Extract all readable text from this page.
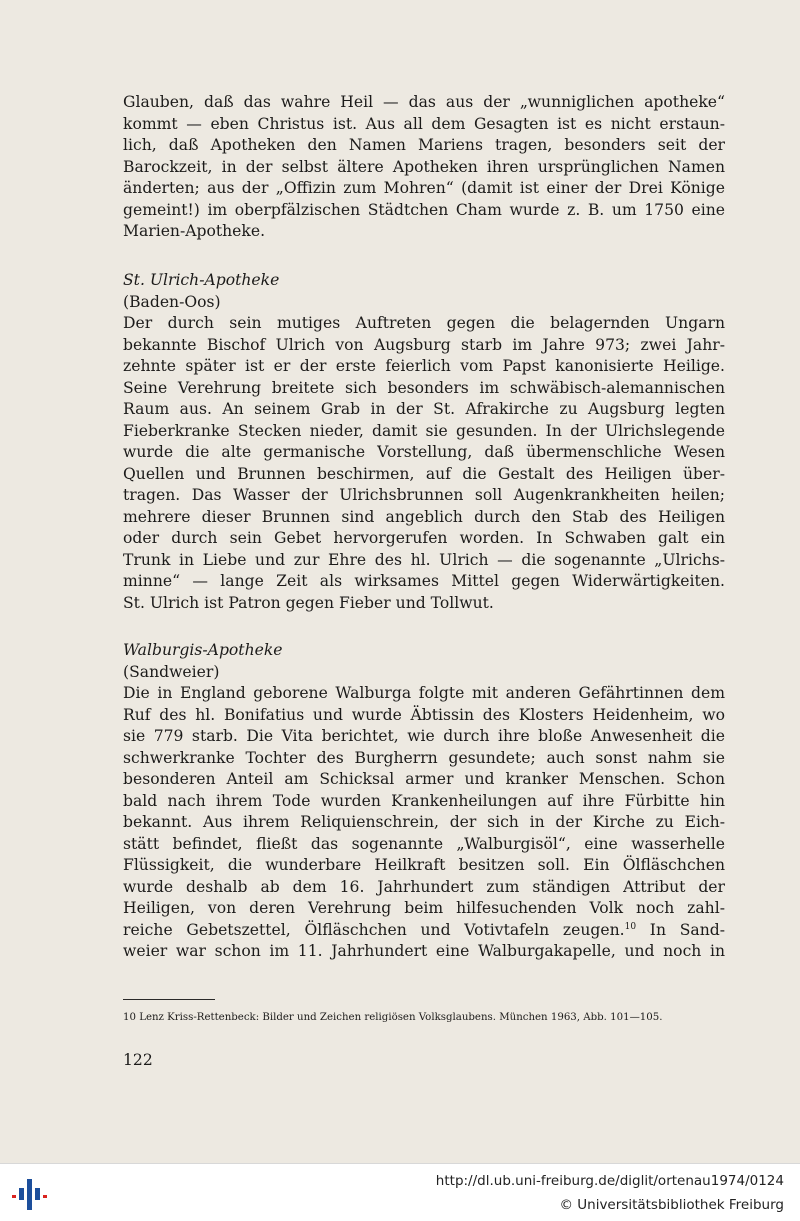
Glauben, daß das wahre Heil — das aus der „wunniglichen apotheke“
kommt — eben Christus ist. Aus all dem Gesagten ist es nicht erstaun-
lich, daß Apotheken den Namen Mariens tragen, besonders seit der
Barockzeit, in der selbst ältere Apotheken ihren ursprünglichen Namen
änderten; aus der „Offizin zum Mohren“ (damit ist einer der Drei Könige
gemeint!) im oberpfälzischen Städtchen Cham wurde z. B. um 1750 eine
Marien-Apotheke.
St. Ulrich-Apotheke
(Baden-Oos)
Der durch sein mutiges Auftreten gegen die belagernden Ungarn
bekannte Bischof Ulrich von Augsburg starb im Jahre 973; zwei Jahr-
zehnte später ist er der erste feierlich vom Papst kanonisierte Heilige.
Seine Verehrung breitete sich besonders im schwäbisch-alemannischen
Raum aus. An seinem Grab in der St. Afrakirche zu Augsburg legten
Fieberkranke Stecken nieder, damit sie gesunden. In der Ulrichslegende
wurde die alte germanische Vorstellung, daß übermenschliche Wesen
Quellen und Brunnen beschirmen, auf die Gestalt des Heiligen über-
tragen. Das Wasser der Ulrichsbrunnen soll Augenkrankheiten heilen;
mehrere dieser Brunnen sind angeblich durch den Stab des Heiligen
oder durch sein Gebet hervorgerufen worden. In Schwaben galt ein
Trunk in Liebe und zur Ehre des hl. Ulrich — die sogenannte „Ulrichs-
minne“ — lange Zeit als wirksames Mittel gegen Widerwärtigkeiten.
St. Ulrich ist Patron gegen Fieber und Tollwut.
Walburgis-Apotheke
(Sandweier)
Die in England geborene Walburga folgte mit anderen Gefährtinnen dem
Ruf des hl. Bonifatius und wurde Äbtissin des Klosters Heidenheim, wo
sie 779 starb. Die Vita berichtet, wie durch ihre bloße Anwesenheit die
schwerkranke Tochter des Burgherrn gesundete; auch sonst nahm sie
besonderen Anteil am Schicksal armer und kranker Menschen. Schon
bald nach ihrem Tode wurden Krankenheilungen auf ihre Fürbitte hin
bekannt. Aus ihrem Reliquienschrein, der sich in der Kirche zu Eich-
stätt befindet, fließt das sogenannte „Walburgisöl“, eine wasserhelle
Flüssigkeit, die wunderbare Heilkraft besitzen soll. Ein Ölfläschchen
wurde deshalb ab dem 16. Jahrhundert zum ständigen Attribut der
Heiligen, von deren Verehrung beim hilfesuchenden Volk noch zahl-
reiche Gebetszettel, Ölfläschchen und Votivtafeln zeugen.$^{10}$ In Sand-
weier war schon im 11. Jahrhundert eine Walburgakapelle, und noch in
10 Lenz Kriss-Rettenbeck: Bilder und Zeichen religiösen Volksglaubens. München 1963, Abb. 101—105.
122
http://dl.ub.uni-freiburg.de/diglit/ortenau1974/0124
© Universitätsbibliothek Freiburg
